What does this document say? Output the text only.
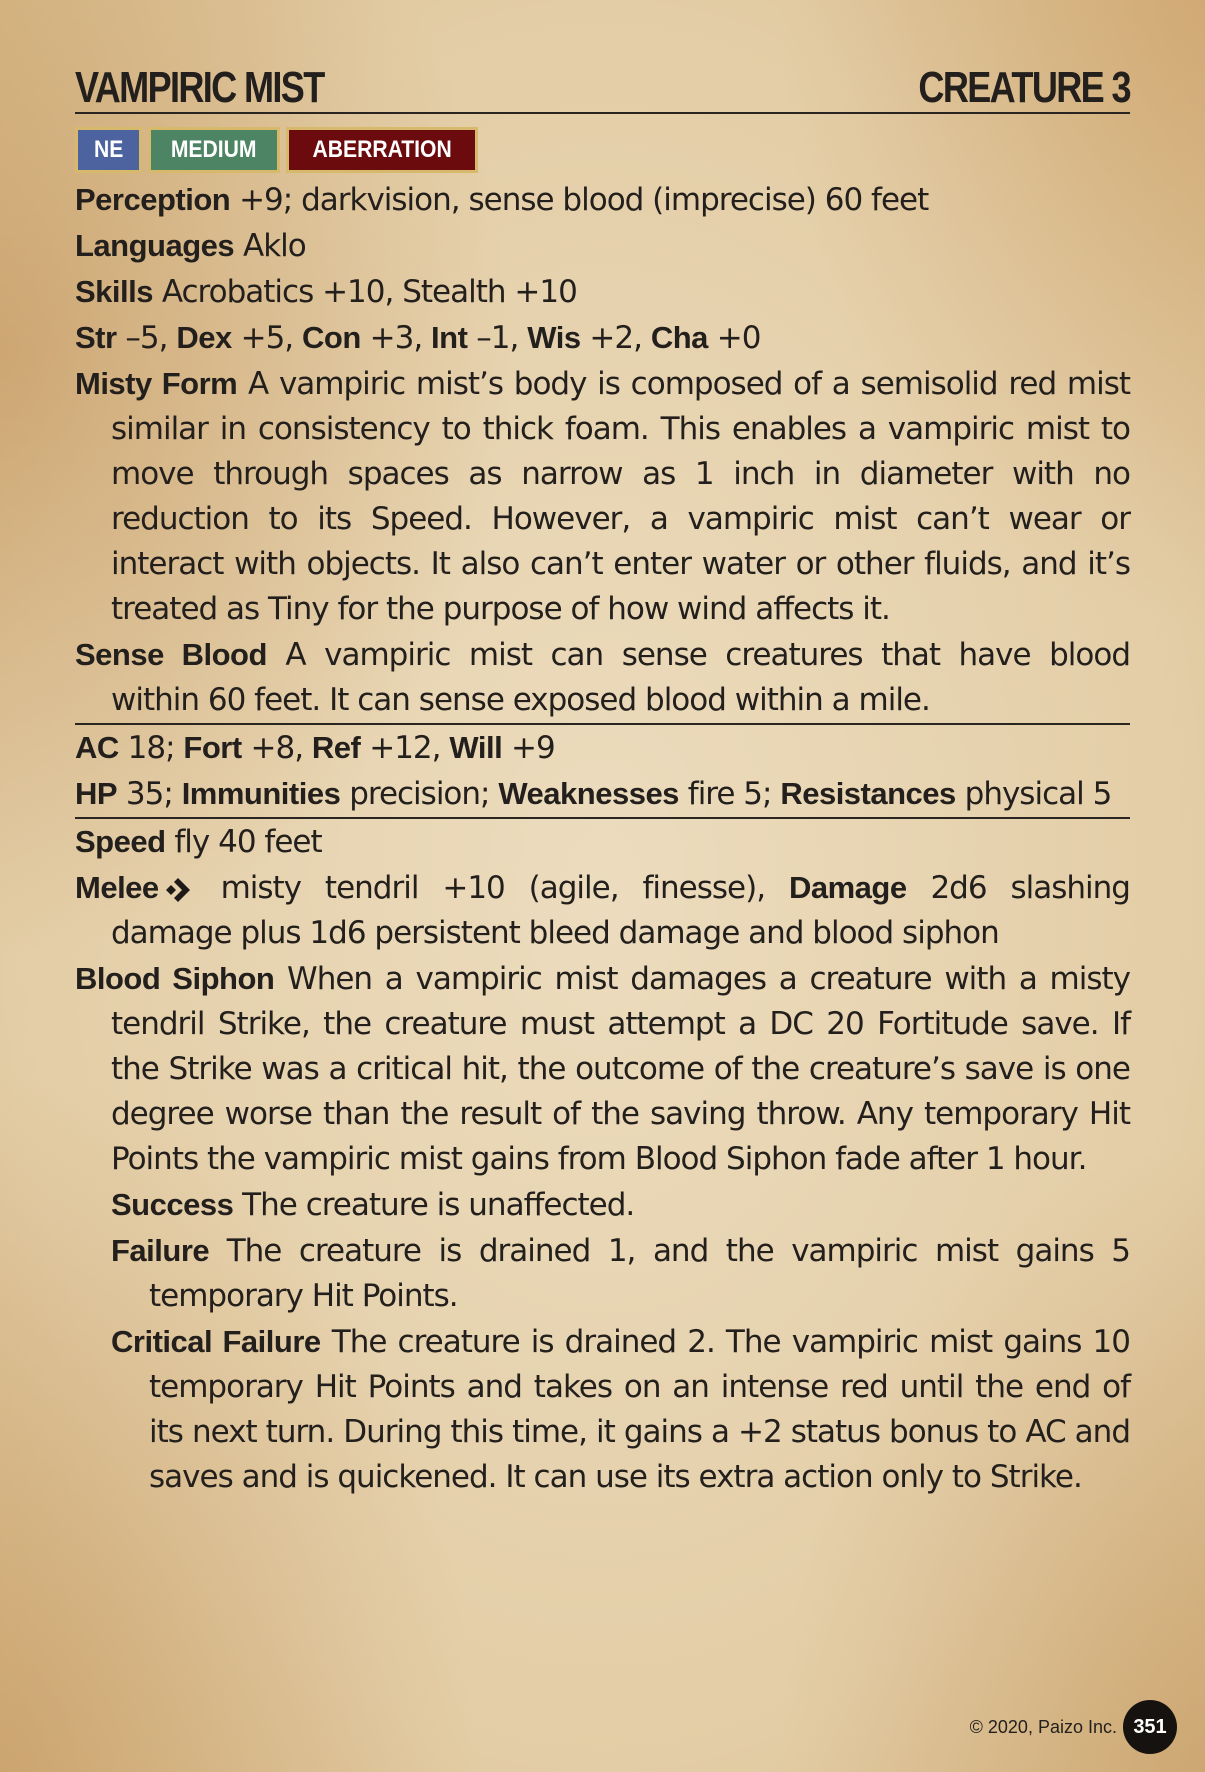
VAMPIRIC MIST	CREATURE 3
NE MEDIUM ABERRATION
Perception +9; darkvision, sense blood (imprecise) 60 feet
Languages Aklo
Skills Acrobatics +10, Stealth +10
Str –5, Dex +5, Con +3, Int –1, Wis +2, Cha +0
Misty Form A vampiric mist’s body is composed of a semisolid red mist similar in consistency to thick foam. This enables a vampiric mist to move through spaces as narrow as 1 inch in diameter with no reduction to its Speed. However, a vampiric mist can’t wear or interact with objects. It also can’t enter water or other fluids, and it’s treated as Tiny for the purpose of how wind affects it.
Sense Blood A vampiric mist can sense creatures that have blood within 60 feet. It can sense exposed blood within a mile.
AC 18; Fort +8, Ref +12, Will +9
HP 35; Immunities precision; Weaknesses fire 5; Resistances physical 5
Speed fly 40 feet
Melee misty tendril +10 (agile, finesse), Damage 2d6 slashing damage plus 1d6 persistent bleed damage and blood siphon
Blood Siphon When a vampiric mist damages a creature with a misty tendril Strike, the creature must attempt a DC 20 Fortitude save. If the Strike was a critical hit, the outcome of the creature’s save is one degree worse than the result of the saving throw. Any temporary Hit Points the vampiric mist gains from Blood Siphon fade after 1 hour.
Success The creature is unaffected.
Failure The creature is drained 1, and the vampiric mist gains 5 temporary Hit Points.
Critical Failure The creature is drained 2. The vampiric mist gains 10 temporary Hit Points and takes on an intense red until the end of its next turn. During this time, it gains a +2 status bonus to AC and saves and is quickened. It can use its extra action only to Strike.
© 2020, Paizo Inc. 351
